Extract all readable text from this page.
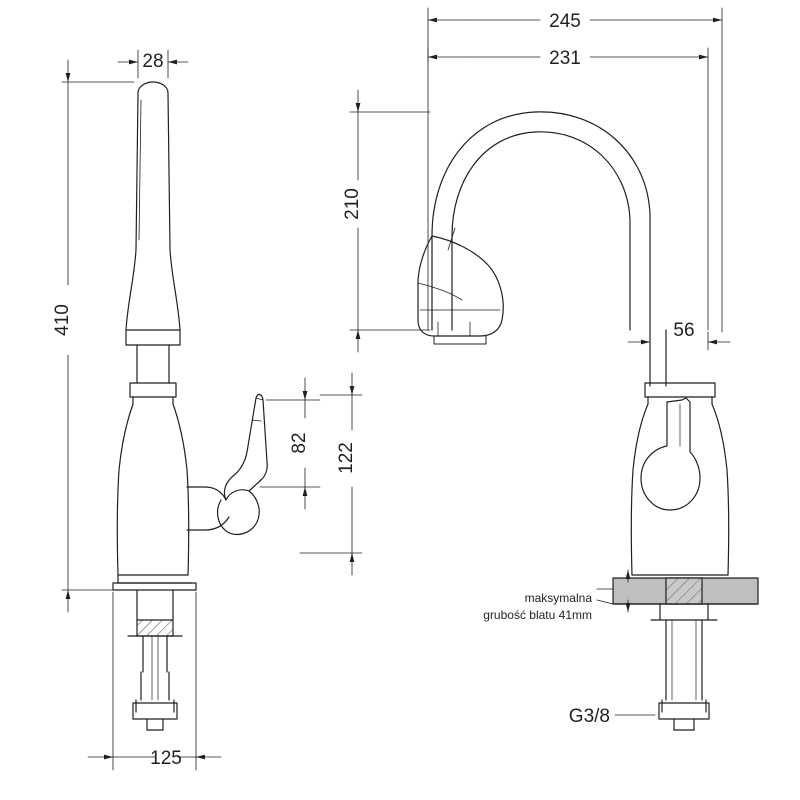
28
410
82 122
125
245
231
210
56
maksymalna
grubość blatu 41mm
G3/8
